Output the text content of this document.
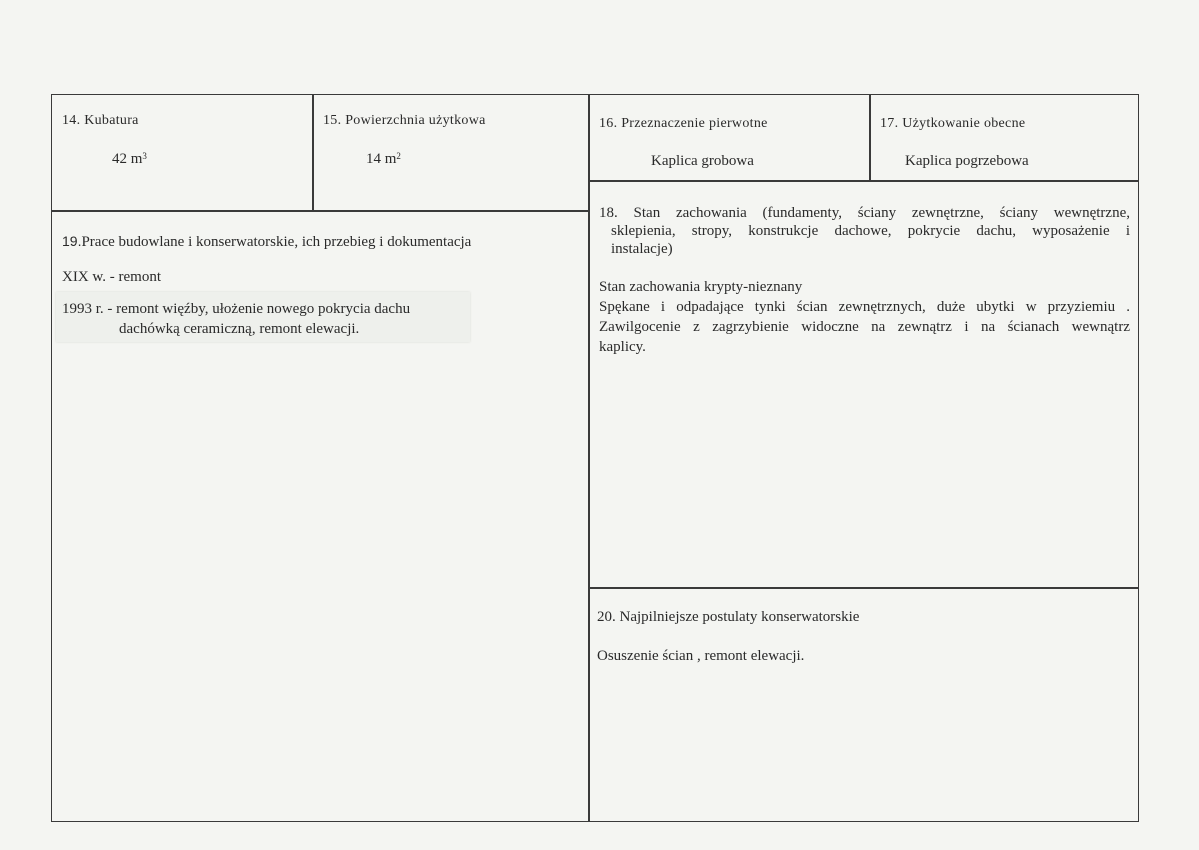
14. Kubatura
42 $m^3$
15. Powierzchnia użytkowa
14 $m^2$
16. Przeznaczenie pierwotne
Kaplica grobowa
17. Użytkowanie obecne
Kaplica pogrzebowa
18. Stan zachowania (fundamenty, ściany zewnętrzne, ściany wewnętrzne,
sklepienia, stropy, konstrukcje dachowe, pokrycie dachu, wyposażenie i
instalacje)
Stan zachowania krypty-nieznany
Spękane i odpadające tynki ścian zewnętrznych, duże ubytki w przyziemiu .
Zawilgocenie z zagrzybienie widoczne na zewnątrz i na ścianach wewnątrz
kaplicy.
19.Prace budowlane i konserwatorskie, ich przebieg i dokumentacja
XIX w. - remont
1993 r. - remont więźby, ułożenie nowego pokrycia dachu
dachówką ceramiczną, remont elewacji.
20. Najpilniejsze postulaty konserwatorskie
Osuszenie ścian , remont elewacji.
